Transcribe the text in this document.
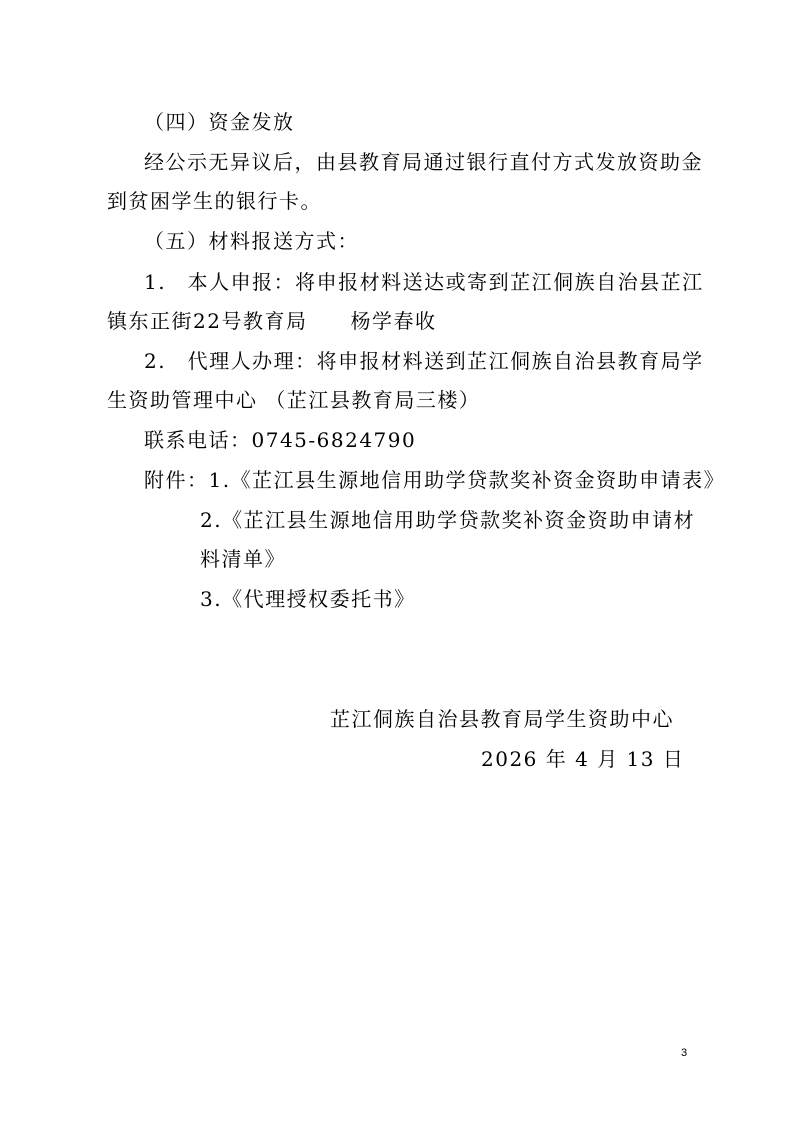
（四）资金发放
经公示无异议后，由县教育局通过银行直付方式发放资助金
到贫困学生的银行卡。
（五）材料报送方式：
1.　本人申报：将申报材料送达或寄到芷江侗族自治县芷江
镇东正街22号教育局　　杨学春收
2.　代理人办理：将申报材料送到芷江侗族自治县教育局学
生资助管理中心 （芷江县教育局三楼）
联系电话：0745-6824790
附件：1.《芷江县生源地信用助学贷款奖补资金资助申请表》
2.《芷江县生源地信用助学贷款奖补资金资助申请材
料清单》
3.《代理授权委托书》
芷江侗族自治县教育局学生资助中心
2026 年 4 月 13 日
3
